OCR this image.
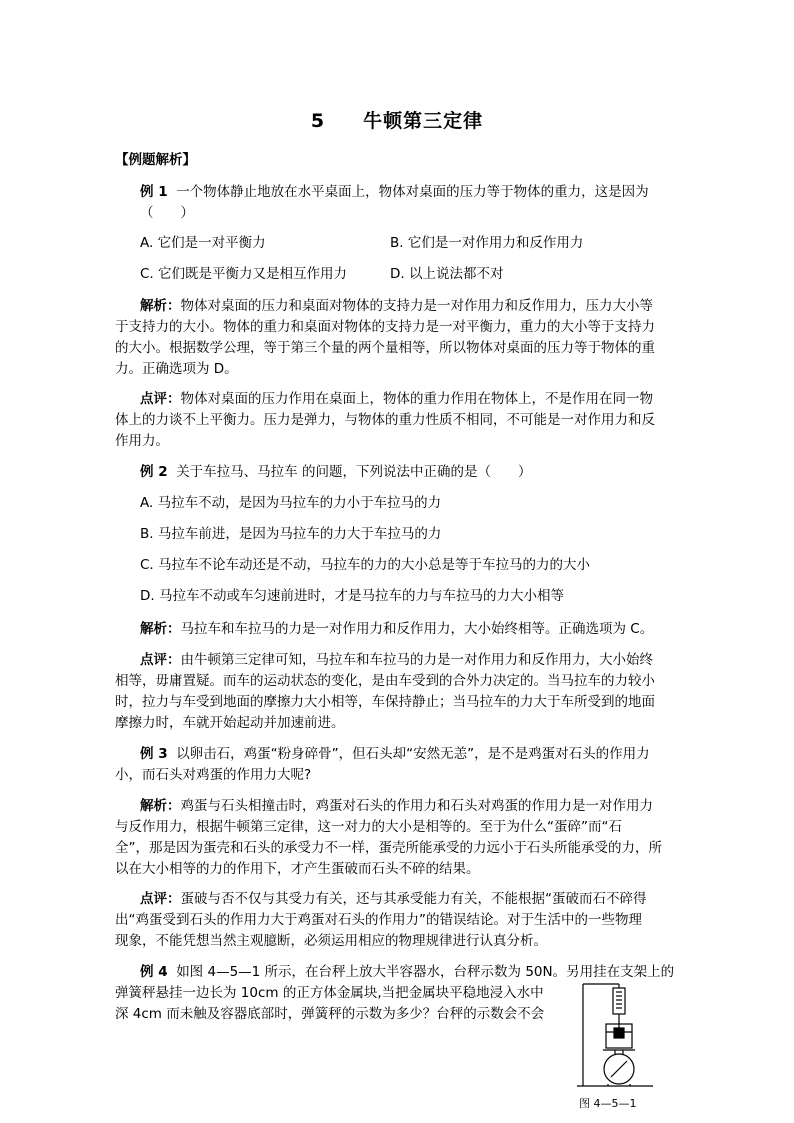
5 牛顿第三定律
【例题解析】
例 1 一个物体静止地放在水平桌面上，物体对桌面的压力等于物体的重力，这是因为
（　　）
A. 它们是一对平衡力	B. 它们是一对作用力和反作用力
C. 它们既是平衡力又是相互作用力	D. 以上说法都不对
解析：物体对桌面的压力和桌面对物体的支持力是一对作用力和反作用力，压力大小等
于支持力的大小。物体的重力和桌面对物体的支持力是一对平衡力，重力的大小等于支持力
的大小。根据数学公理，等于第三个量的两个量相等，所以物体对桌面的压力等于物体的重
力。正确选项为 D。
点评：物体对桌面的压力作用在桌面上，物体的重力作用在物体上，不是作用在同一物
体上的力谈不上平衡力。压力是弹力，与物体的重力性质不相同，不可能是一对作用力和反
作用力。
例 2 关于车拉马、马拉车 的问题，下列说法中正确的是（　　）
A. 马拉车不动，是因为马拉车的力小于车拉马的力
B. 马拉车前进，是因为马拉车的力大于车拉马的力
C. 马拉车不论车动还是不动，马拉车的力的大小总是等于车拉马的力的大小
D. 马拉车不动或车匀速前进时，才是马拉车的力与车拉马的力大小相等
解析：马拉车和车拉马的力是一对作用力和反作用力，大小始终相等。正确选项为 C。
点评：由牛顿第三定律可知，马拉车和车拉马的力是一对作用力和反作用力，大小始终
相等，毋庸置疑。而车的运动状态的变化，是由车受到的合外力决定的。当马拉车的力较小
时，拉力与车受到地面的摩擦力大小相等，车保持静止；当马拉车的力大于车所受到的地面
摩擦力时，车就开始起动并加速前进。
例 3 以卵击石，鸡蛋“粉身碎骨”，但石头却“安然无恙”，是不是鸡蛋对石头的作用力
小，而石头对鸡蛋的作用力大呢?
解析：鸡蛋与石头相撞击时，鸡蛋对石头的作用力和石头对鸡蛋的作用力是一对作用力
与反作用力，根据牛顿第三定律，这一对力的大小是相等的。至于为什么“蛋碎”而“石
全”，那是因为蛋壳和石头的承受力不一样，蛋壳所能承受的力远小于石头所能承受的力，所
以在大小相等的力的作用下，才产生蛋破而石头不碎的结果。
点评：蛋破与否不仅与其受力有关，还与其承受能力有关，不能根据“蛋破而石不碎得
出“鸡蛋受到石头的作用力大于鸡蛋对石头的作用力”的错误结论。对于生活中的一些物理
现象，不能凭想当然主观臆断，必须运用相应的物理规律进行认真分析。
例 4 如图 4—5—1 所示，在台秤上放大半容器水，台秤示数为 50N。另用挂在支架上的
弹簧秤悬挂一边长为 10cm 的正方体金属块,当把金属块平稳地浸入水中
深 4cm 而未触及容器底部时，弹簧秤的示数为多少？台秤的示数会不会
图 4—5—1
